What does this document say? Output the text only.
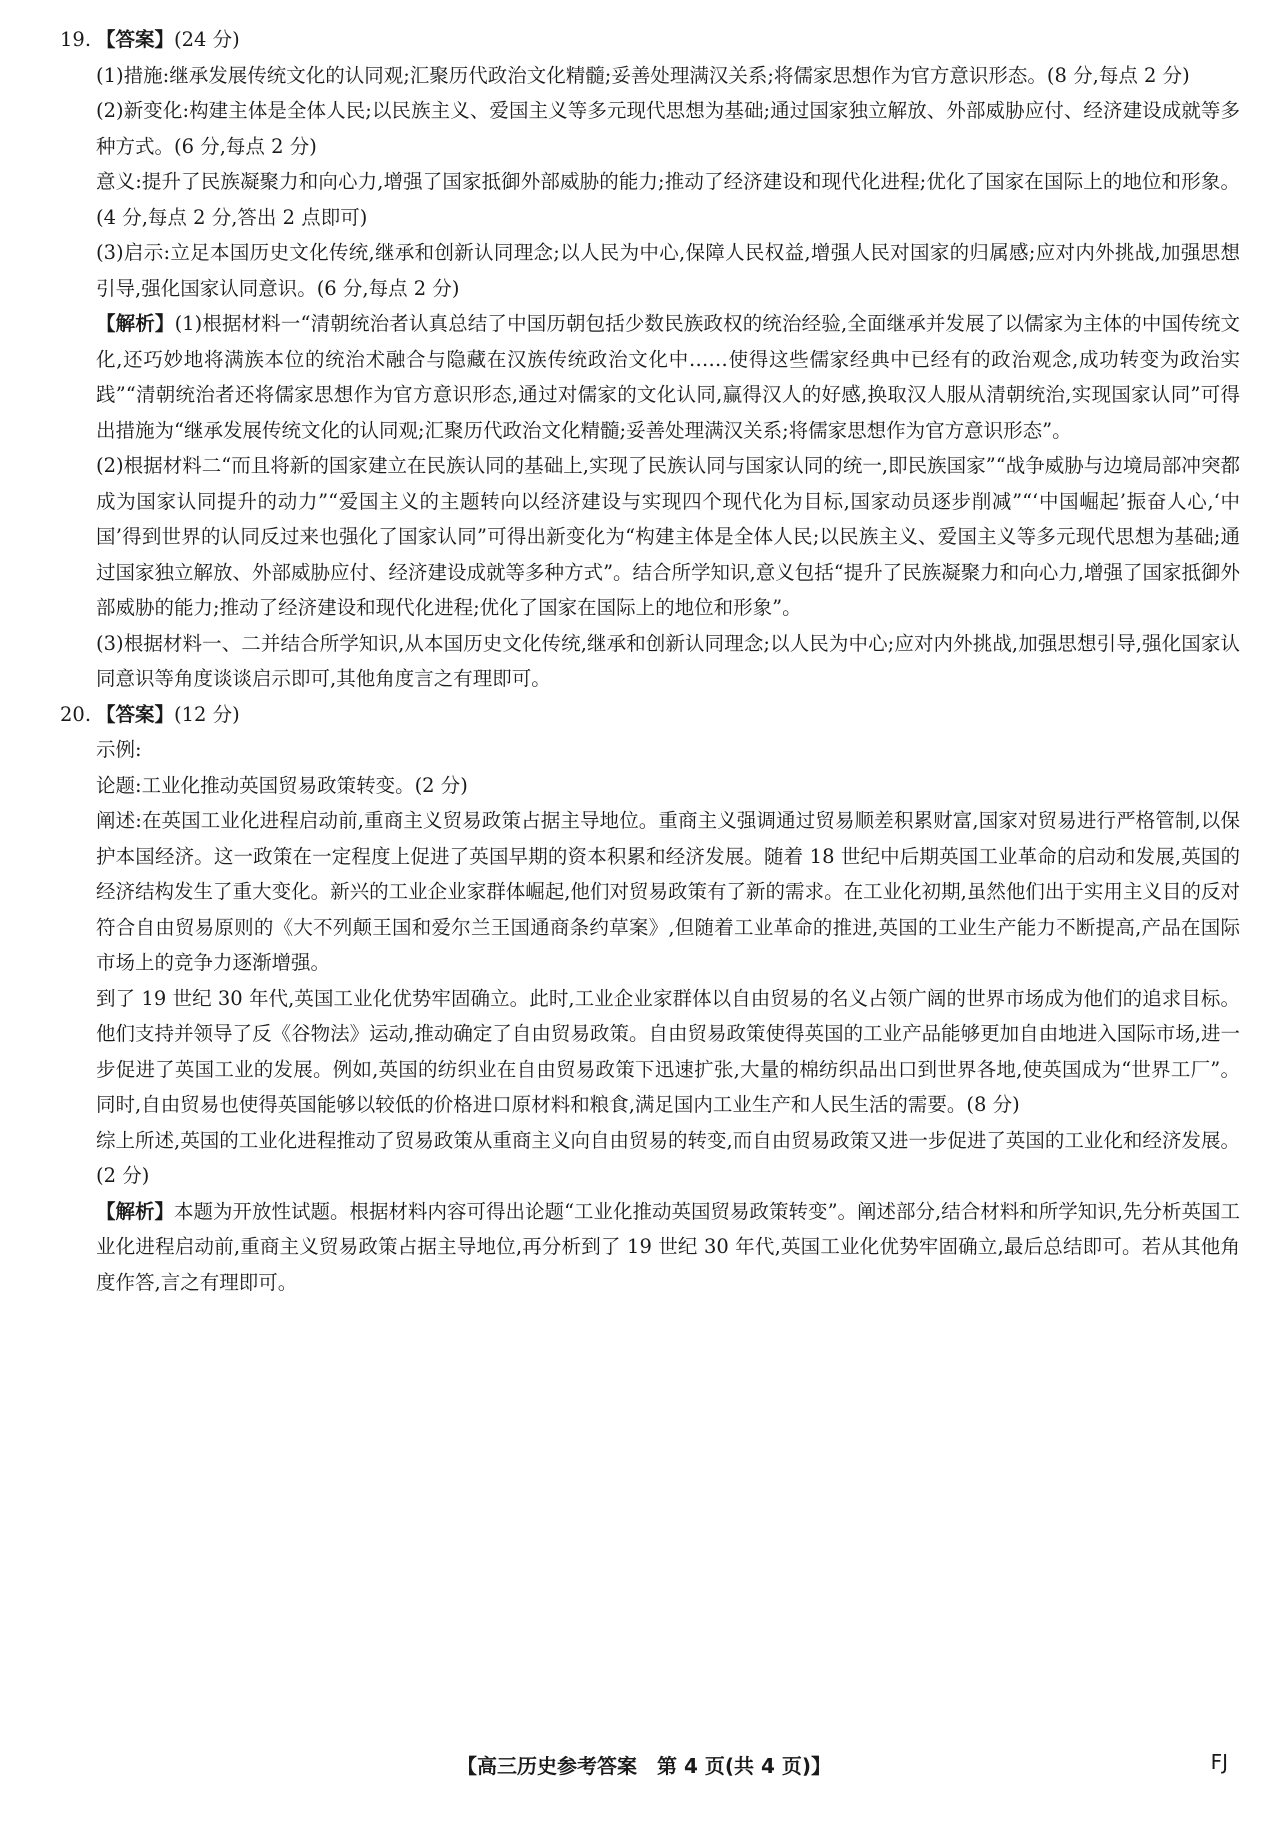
19. 【答案】(24 分)

(1)措施:继承发展传统文化的认同观;汇聚历代政治文化精髓;妥善处理满汉关系;将儒家思想作为官方意识形态。(8 分,每点 2 分)

(2)新变化:构建主体是全体人民;以民族主义、爱国主义等多元现代思想为基础;通过国家独立解放、外部威胁应付、经济建设成就等多种方式。(6 分,每点 2 分)

意义:提升了民族凝聚力和向心力,增强了国家抵御外部威胁的能力;推动了经济建设和现代化进程;优化了国家在国际上的地位和形象。(4 分,每点 2 分,答出 2 点即可)

(3)启示:立足本国历史文化传统,继承和创新认同理念;以人民为中心,保障人民权益,增强人民对国家的归属感;应对内外挑战,加强思想引导,强化国家认同意识。(6 分,每点 2 分)

【解析】(1)根据材料一“清朝统治者认真总结了中国历朝包括少数民族政权的统治经验,全面继承并发展了以儒家为主体的中国传统文化,还巧妙地将满族本位的统治术融合与隐藏在汉族传统政治文化中……使得这些儒家经典中已经有的政治观念,成功转变为政治实践”“清朝统治者还将儒家思想作为官方意识形态,通过对儒家的文化认同,赢得汉人的好感,换取汉人服从清朝统治,实现国家认同”可得出措施为“继承发展传统文化的认同观;汇聚历代政治文化精髓;妥善处理满汉关系;将儒家思想作为官方意识形态”。

(2)根据材料二“而且将新的国家建立在民族认同的基础上,实现了民族认同与国家认同的统一,即民族国家”“战争威胁与边境局部冲突都成为国家认同提升的动力”“爱国主义的主题转向以经济建设与实现四个现代化为目标,国家动员逐步削减”“‘中国崛起’振奋人心,‘中国’得到世界的认同反过来也强化了国家认同”可得出新变化为“构建主体是全体人民;以民族主义、爱国主义等多元现代思想为基础;通过国家独立解放、外部威胁应付、经济建设成就等多种方式”。结合所学知识,意义包括“提升了民族凝聚力和向心力,增强了国家抵御外部威胁的能力;推动了经济建设和现代化进程;优化了国家在国际上的地位和形象”。

(3)根据材料一、二并结合所学知识,从本国历史文化传统,继承和创新认同理念;以人民为中心;应对内外挑战,加强思想引导,强化国家认同意识等角度谈谈启示即可,其他角度言之有理即可。

20. 【答案】(12 分)

示例:

论题:工业化推动英国贸易政策转变。(2 分)

阐述:在英国工业化进程启动前,重商主义贸易政策占据主导地位。重商主义强调通过贸易顺差积累财富,国家对贸易进行严格管制,以保护本国经济。这一政策在一定程度上促进了英国早期的资本积累和经济发展。随着 18 世纪中后期英国工业革命的启动和发展,英国的经济结构发生了重大变化。新兴的工业企业家群体崛起,他们对贸易政策有了新的需求。在工业化初期,虽然他们出于实用主义目的反对符合自由贸易原则的《大不列颠王国和爱尔兰王国通商条约草案》,但随着工业革命的推进,英国的工业生产能力不断提高,产品在国际市场上的竞争力逐渐增强。

到了 19 世纪 30 年代,英国工业化优势牢固确立。此时,工业企业家群体以自由贸易的名义占领广阔的世界市场成为他们的追求目标。他们支持并领导了反《谷物法》运动,推动确定了自由贸易政策。自由贸易政策使得英国的工业产品能够更加自由地进入国际市场,进一步促进了英国工业的发展。例如,英国的纺织业在自由贸易政策下迅速扩张,大量的棉纺织品出口到世界各地,使英国成为“世界工厂”。同时,自由贸易也使得英国能够以较低的价格进口原材料和粮食,满足国内工业生产和人民生活的需要。(8 分)

综上所述,英国的工业化进程推动了贸易政策从重商主义向自由贸易的转变,而自由贸易政策又进一步促进了英国的工业化和经济发展。(2 分)

【解析】本题为开放性试题。根据材料内容可得出论题“工业化推动英国贸易政策转变”。阐述部分,结合材料和所学知识,先分析英国工业化进程启动前,重商主义贸易政策占据主导地位,再分析到了 19 世纪 30 年代,英国工业化优势牢固确立,最后总结即可。若从其他角度作答,言之有理即可。

【高三历史参考答案　第 4 页(共 4 页)】	FJ
